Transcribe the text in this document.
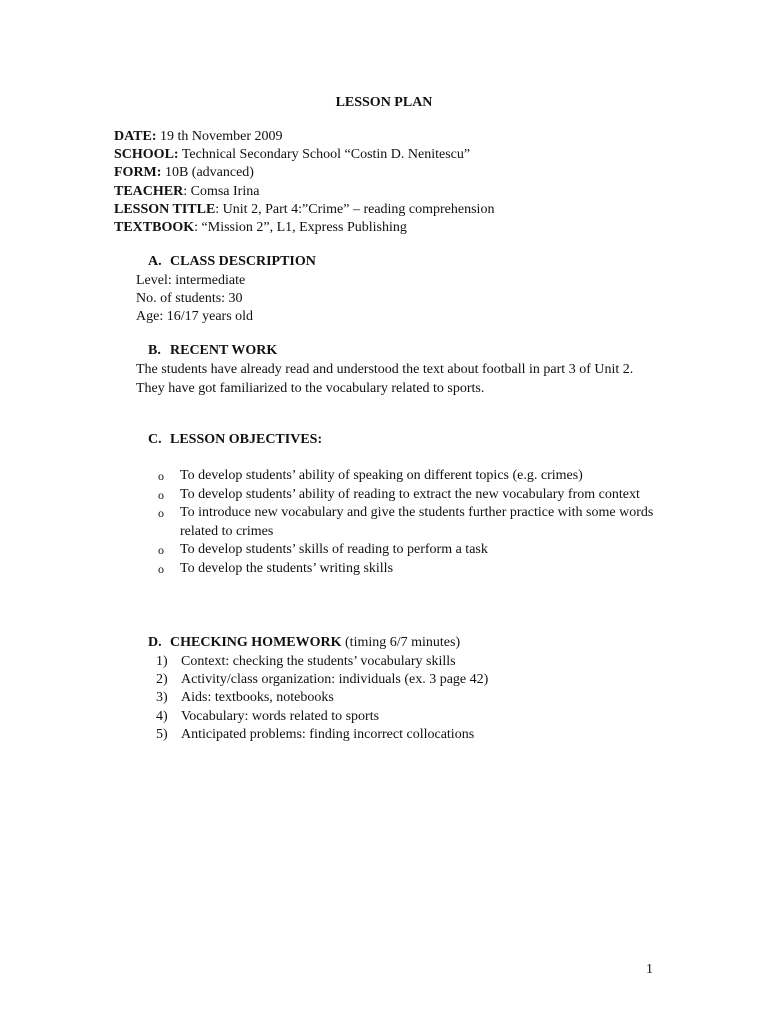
LESSON PLAN
DATE: 19 th November 2009
SCHOOL: Technical Secondary School “Costin D. Nenitescu”
FORM: 10B (advanced)
TEACHER: Comsa Irina
LESSON TITLE: Unit 2, Part 4:”Crime” – reading comprehension
TEXTBOOK: “Mission 2”, L1, Express Publishing
A. CLASS DESCRIPTION
Level: intermediate
No. of students: 30
Age: 16/17 years old
B. RECENT WORK
The students have already read and understood the text about football in part 3 of Unit 2. They have got familiarized to the vocabulary related to sports.
C. LESSON OBJECTIVES:
o To develop students’ ability of speaking on different topics (e.g. crimes)
o To develop students’ ability of reading to extract the new vocabulary from context
o To introduce new vocabulary and give the students further practice with some words related to crimes
o To develop students’ skills of reading to perform a task
o To develop the students’ writing skills
D. CHECKING HOMEWORK (timing 6/7 minutes)
1) Context: checking the students’ vocabulary skills
2) Activity/class organization: individuals (ex. 3 page 42)
3) Aids: textbooks, notebooks
4) Vocabulary: words related to sports
5) Anticipated problems: finding incorrect collocations
1
